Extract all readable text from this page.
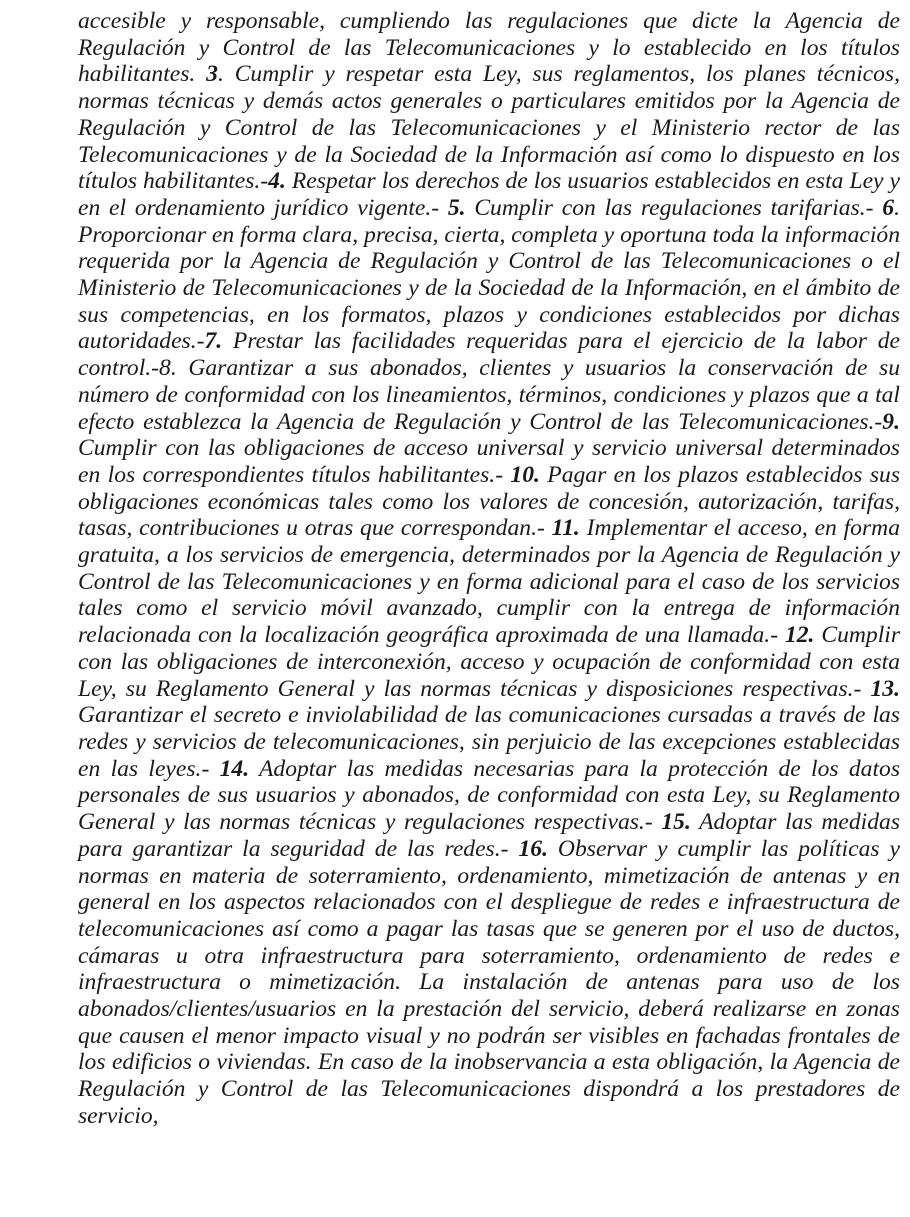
accesible y responsable, cumpliendo las regulaciones que dicte la Agencia de Regulación y Control de las Telecomunicaciones y lo establecido en los títulos habilitantes. 3. Cumplir y respetar esta Ley, sus reglamentos, los planes técnicos, normas técnicas y demás actos generales o particulares emitidos por la Agencia de Regulación y Control de las Telecomunicaciones y el Ministerio rector de las Telecomunicaciones y de la Sociedad de la Información así como lo dispuesto en los títulos habilitantes.-4. Respetar los derechos de los usuarios establecidos en esta Ley y en el ordenamiento jurídico vigente.- 5. Cumplir con las regulaciones tarifarias.- 6. Proporcionar en forma clara, precisa, cierta, completa y oportuna toda la información requerida por la Agencia de Regulación y Control de las Telecomunicaciones o el Ministerio de Telecomunicaciones y de la Sociedad de la Información, en el ámbito de sus competencias, en los formatos, plazos y condiciones establecidos por dichas autoridades.-7. Prestar las facilidades requeridas para el ejercicio de la labor de control.-8. Garantizar a sus abonados, clientes y usuarios la conservación de su número de conformidad con los lineamientos, términos, condiciones y plazos que a tal efecto establezca la Agencia de Regulación y Control de las Telecomunicaciones.-9. Cumplir con las obligaciones de acceso universal y servicio universal determinados en los correspondientes títulos habilitantes.- 10. Pagar en los plazos establecidos sus obligaciones económicas tales como los valores de concesión, autorización, tarifas, tasas, contribuciones u otras que correspondan.- 11. Implementar el acceso, en forma gratuita, a los servicios de emergencia, determinados por la Agencia de Regulación y Control de las Telecomunicaciones y en forma adicional para el caso de los servicios tales como el servicio móvil avanzado, cumplir con la entrega de información relacionada con la localización geográfica aproximada de una llamada.- 12. Cumplir con las obligaciones de interconexión, acceso y ocupación de conformidad con esta Ley, su Reglamento General y las normas técnicas y disposiciones respectivas.- 13. Garantizar el secreto e inviolabilidad de las comunicaciones cursadas a través de las redes y servicios de telecomunicaciones, sin perjuicio de las excepciones establecidas en las leyes.- 14. Adoptar las medidas necesarias para la protección de los datos personales de sus usuarios y abonados, de conformidad con esta Ley, su Reglamento General y las normas técnicas y regulaciones respectivas.- 15. Adoptar las medidas para garantizar la seguridad de las redes.- 16. Observar y cumplir las políticas y normas en materia de soterramiento, ordenamiento, mimetización de antenas y en general en los aspectos relacionados con el despliegue de redes e infraestructura de telecomunicaciones así como a pagar las tasas que se generen por el uso de ductos, cámaras u otra infraestructura para soterramiento, ordenamiento de redes e infraestructura o mimetización. La instalación de antenas para uso de los abonados/clientes/usuarios en la prestación del servicio, deberá realizarse en zonas que causen el menor impacto visual y no podrán ser visibles en fachadas frontales de los edificios o viviendas. En caso de la inobservancia a esta obligación, la Agencia de Regulación y Control de las Telecomunicaciones dispondrá a los prestadores de servicio,
